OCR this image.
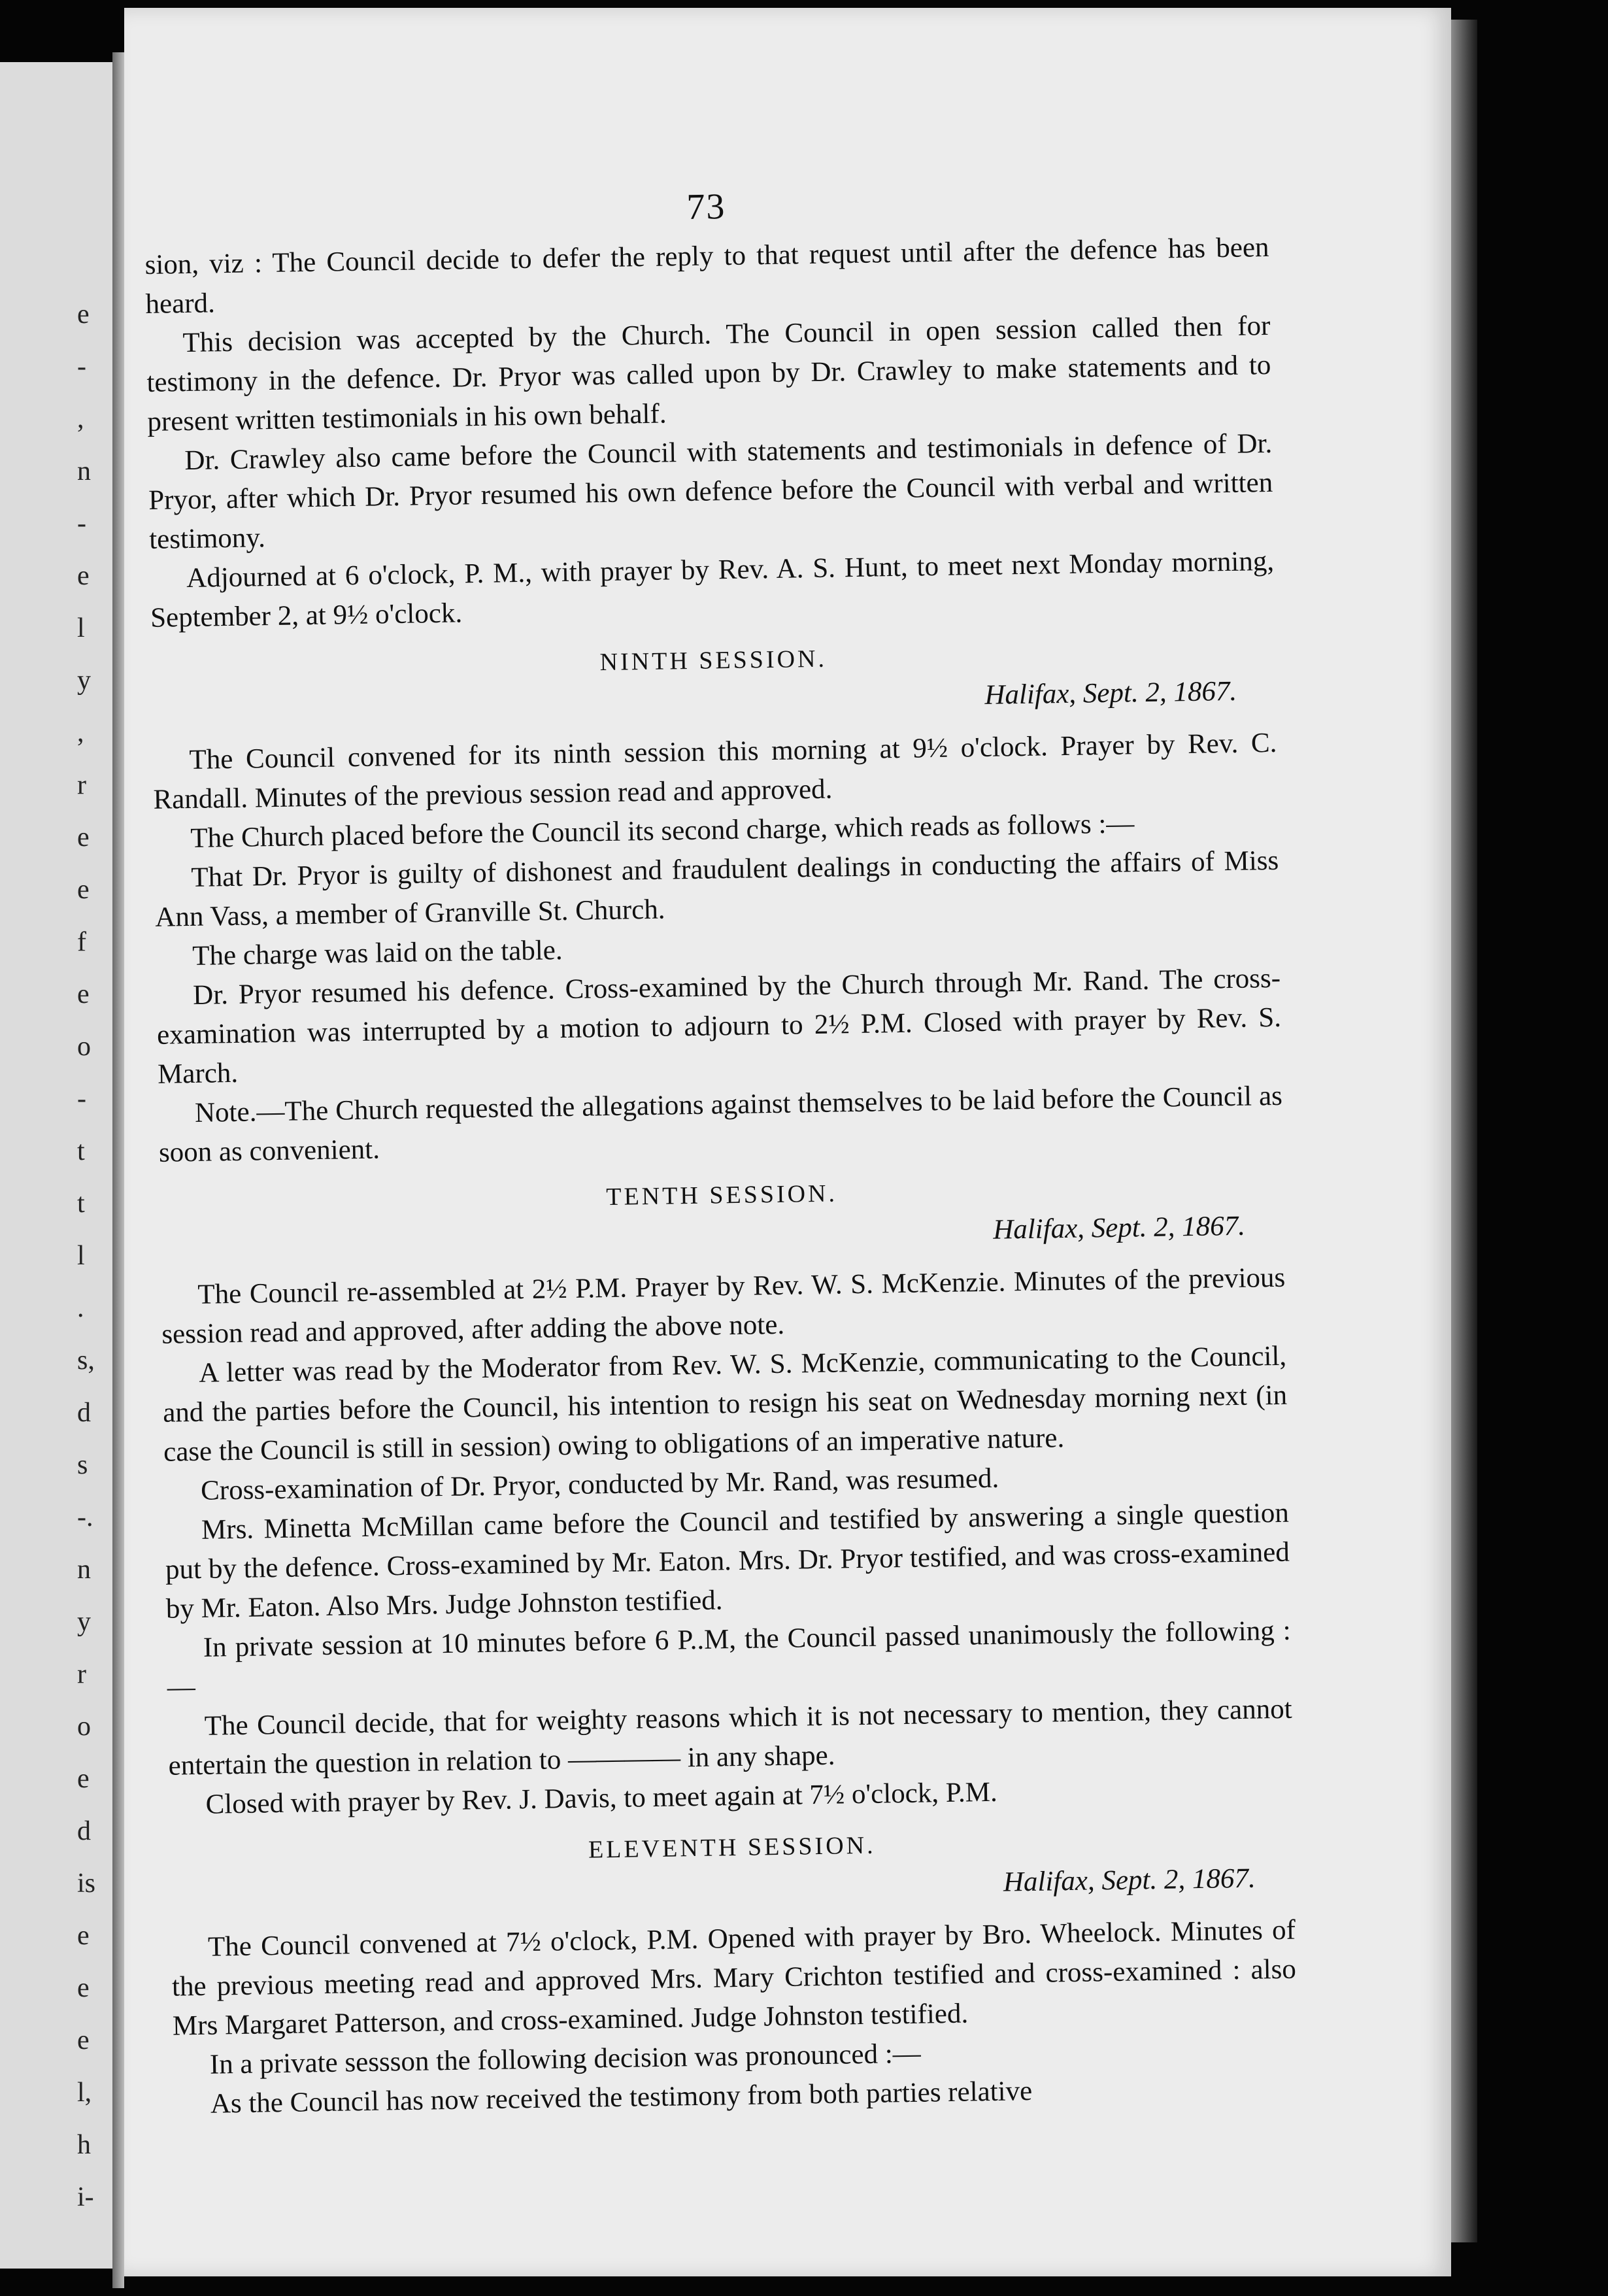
e
-
,
n
-
e
l
y
,
r
e
e
f
e
o
-
t
t
l
.
s,
d
s
-.
n
y
r
o
e
d
is
e
e
e
l,
h
i-
73
sion, viz : The Council decide to defer the reply to that request until after the defence has been heard.
This decision was accepted by the Church. The Council in open session called then for testimony in the defence. Dr. Pryor was called upon by Dr. Crawley to make statements and to present written testimonials in his own behalf.
Dr. Crawley also came before the Council with statements and testimonials in defence of Dr. Pryor, after which Dr. Pryor resumed his own defence before the Council with verbal and written testimony.
Adjourned at 6 o'clock, P. M., with prayer by Rev. A. S. Hunt, to meet next Monday morning, September 2, at 9½ o'clock.
NINTH SESSION.
Halifax, Sept. 2, 1867.
The Council convened for its ninth session this morning at 9½ o'clock. Prayer by Rev. C. Randall. Minutes of the previous session read and approved.
The Church placed before the Council its second charge, which reads as follows :—
That Dr. Pryor is guilty of dishonest and fraudulent dealings in conducting the affairs of Miss Ann Vass, a member of Granville St. Church.
The charge was laid on the table.
Dr. Pryor resumed his defence. Cross-examined by the Church through Mr. Rand. The cross-examination was interrupted by a motion to adjourn to 2½ P.M. Closed with prayer by Rev. S. March.
Note.—The Church requested the allegations against themselves to be laid before the Council as soon as convenient.
TENTH SESSION.
Halifax, Sept. 2, 1867.
The Council re-assembled at 2½ P.M. Prayer by Rev. W. S. McKenzie. Minutes of the previous session read and approved, after adding the above note.
A letter was read by the Moderator from Rev. W. S. McKenzie, communicating to the Council, and the parties before the Council, his intention to resign his seat on Wednesday morning next (in case the Council is still in session) owing to obligations of an imperative nature.
Cross-examination of Dr. Pryor, conducted by Mr. Rand, was resumed.
Mrs. Minetta McMillan came before the Council and testified by answering a single question put by the defence. Cross-examined by Mr. Eaton. Mrs. Dr. Pryor testified, and was cross-examined by Mr. Eaton. Also Mrs. Judge Johnston testified.
In private session at 10 minutes before 6 P..M, the Council passed unanimously the following :—
The Council decide, that for weighty reasons which it is not necessary to mention, they cannot entertain the question in relation to ———— in any shape.
Closed with prayer by Rev. J. Davis, to meet again at 7½ o'clock, P.M.
ELEVENTH SESSION.
Halifax, Sept. 2, 1867.
The Council convened at 7½ o'clock, P.M. Opened with prayer by Bro. Wheelock. Minutes of the previous meeting read and approved Mrs. Mary Crichton testified and cross-examined : also Mrs Margaret Patterson, and cross-examined. Judge Johnston testified.
In a private sessson the following decision was pronounced :—
As the Council has now received the testimony from both parties relative
